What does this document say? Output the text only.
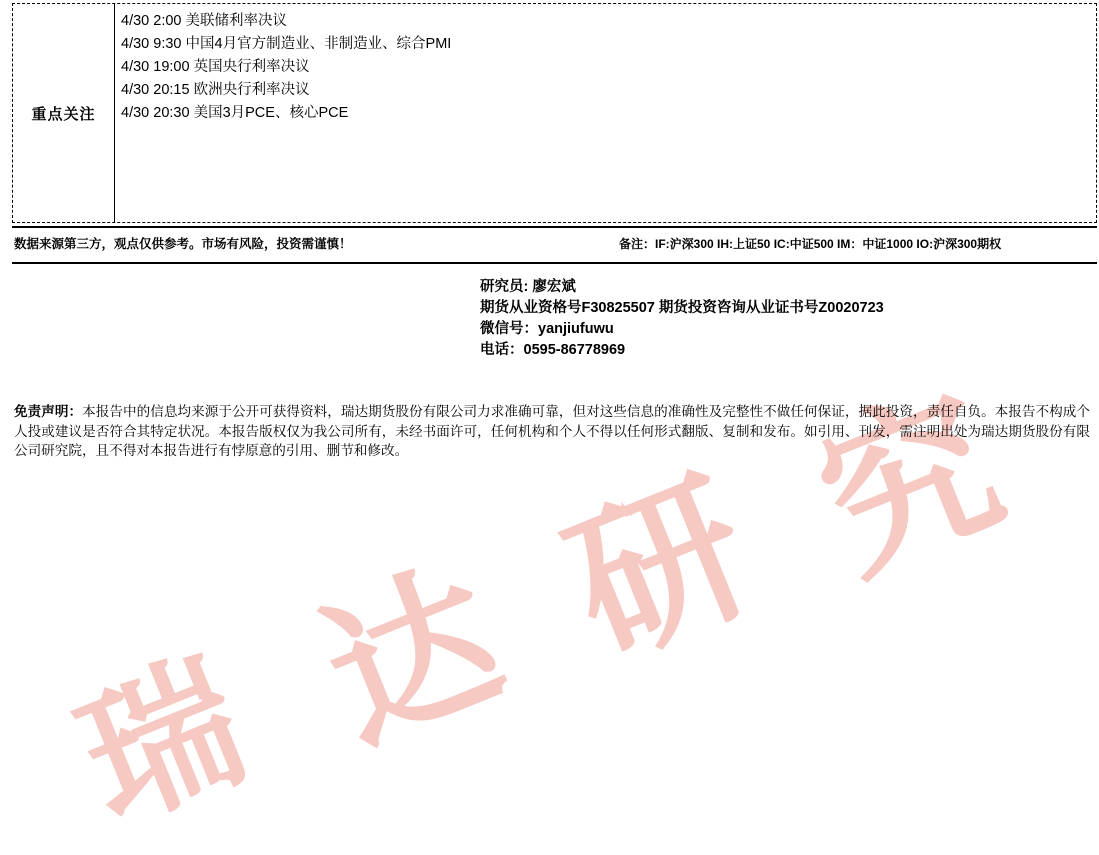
瑞 达 研 究
重点关注
4/30 2:00 美联储利率决议
4/30 9:30 中国4月官方制造业、非制造业、综合PMI
4/30 19:00 英国央行利率决议
4/30 20:15 欧洲央行利率决议
4/30 20:30 美国3月PCE、核心PCE
数据来源第三方，观点仅供参考。市场有风险，投资需谨慎！	备注：IF:沪深300 IH:上证50 IC:中证500 IM：中证1000 IO:沪深300期权
研究员: 廖宏斌
期货从业资格号F30825507 期货投资咨询从业证书号Z0020723
微信号：yanjiufuwu
电话：0595-86778969
免责声明：本报告中的信息均来源于公开可获得资料，瑞达期货股份有限公司力求准确可靠，但对这些信息的准确性及完整性不做任何保证，据此投资，责任自负。本报告不构成个人投或建议是否符合其特定状况。本报告版权仅为我公司所有，未经书面许可，任何机构和个人不得以任何形式翻版、复制和发布。如引用、刊发，需注明出处为瑞达期货股份有限公司研究院，且不得对本报告进行有悖原意的引用、删节和修改。
